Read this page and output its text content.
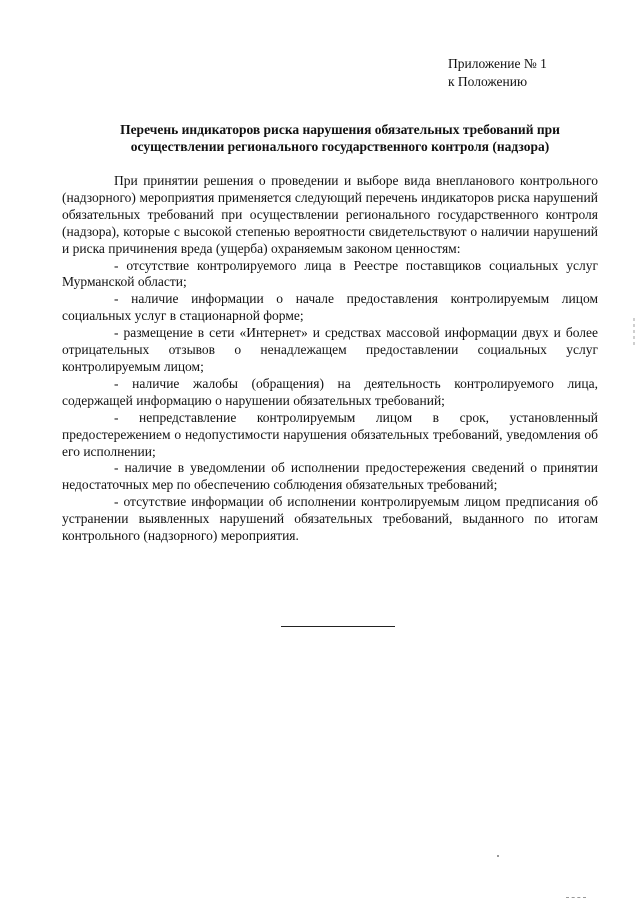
Приложение № 1
к Положению
Перечень индикаторов риска нарушения обязательных требований при
осуществлении регионального государственного контроля (надзора)

При принятии решения о проведении и выборе вида внепланового контрольного (надзорного) мероприятия применяется следующий перечень индикаторов риска нарушений обязательных требований при осуществлении регионального государственного контроля (надзора), которые с высокой степенью вероятности свидетельствуют о наличии нарушений и риска причинения вреда (ущерба) охраняемым законом ценностям:

- отсутствие контролируемого лица в Реестре поставщиков социальных услуг Мурманской области;

- наличие информации о начале предоставления контролируемым лицом социальных услуг в стационарной форме;

- размещение в сети «Интернет» и средствах массовой информации двух и более отрицательных отзывов о ненадлежащем предоставлении социальных услуг контролируемым лицом;

- наличие жалобы (обращения) на деятельность контролируемого лица, содержащей информацию о нарушении обязательных требований;

- непредставление контролируемым лицом в срок, установленный предостережением о недопустимости нарушения обязательных требований, уведомления об его исполнении;

- наличие в уведомлении об исполнении предостережения сведений о принятии недостаточных мер по обеспечению соблюдения обязательных требований;

- отсутствие информации об исполнении контролируемым лицом предписания об устранении выявленных нарушений обязательных требований, выданного по итогам контрольного (надзорного) мероприятия.
